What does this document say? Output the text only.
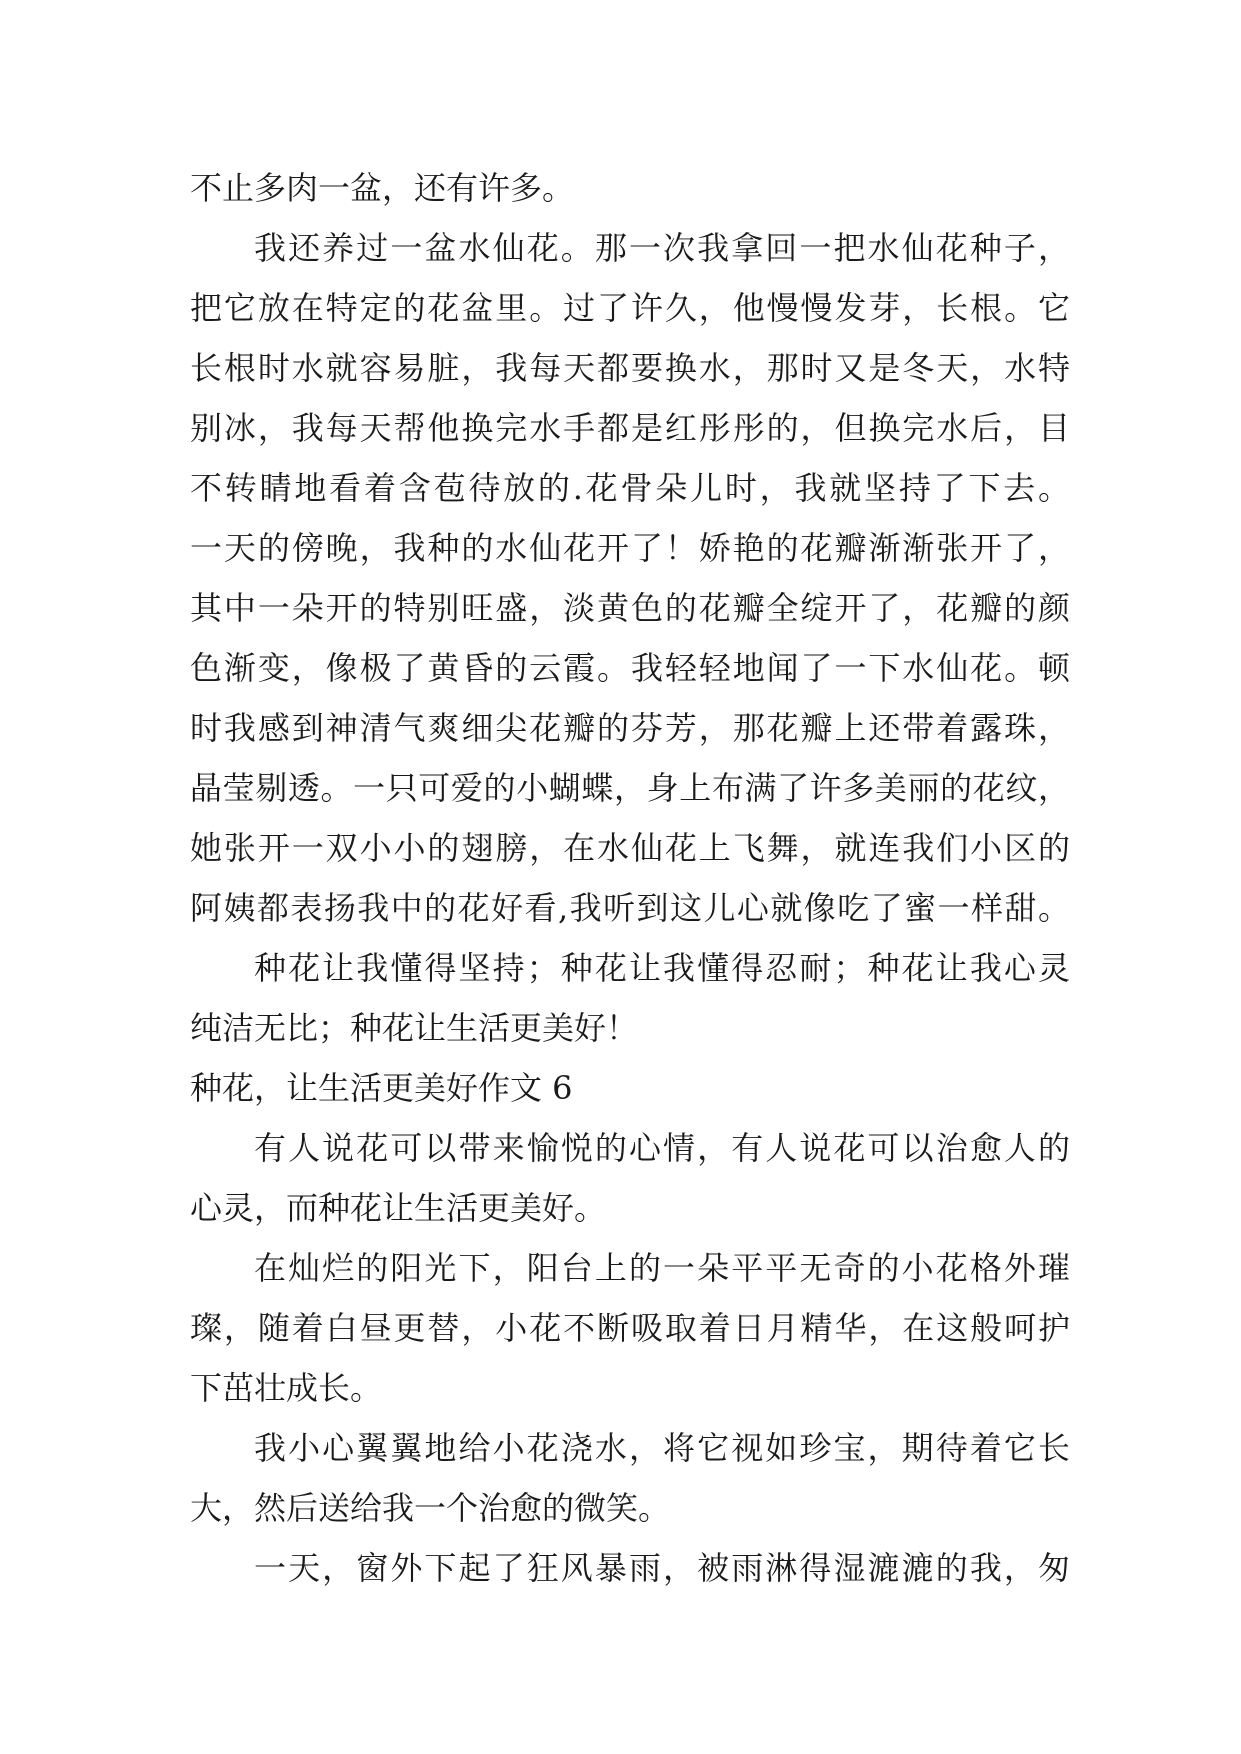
不止多肉一盆，还有许多。
我还养过一盆水仙花。那一次我拿回一把水仙花种子，
把它放在特定的花盆里。过了许久，他慢慢发芽，长根。它
长根时水就容易脏，我每天都要换水，那时又是冬天，水特
别冰，我每天帮他换完水手都是红彤彤的，但换完水后，目
不转睛地看着含苞待放的.花骨朵儿时，我就坚持了下去。
一天的傍晚，我种的水仙花开了！娇艳的花瓣渐渐张开了，
其中一朵开的特别旺盛，淡黄色的花瓣全绽开了，花瓣的颜
色渐变，像极了黄昏的云霞。我轻轻地闻了一下水仙花。顿
时我感到神清气爽细尖花瓣的芬芳，那花瓣上还带着露珠，
晶莹剔透。一只可爱的小蝴蝶，身上布满了许多美丽的花纹，
她张开一双小小的翅膀，在水仙花上飞舞，就连我们小区的
阿姨都表扬我中的花好看,我听到这儿心就像吃了蜜一样甜。
种花让我懂得坚持；种花让我懂得忍耐；种花让我心灵
纯洁无比；种花让生活更美好！
种花，让生活更美好作文 6
有人说花可以带来愉悦的心情，有人说花可以治愈人的
心灵，而种花让生活更美好。
在灿烂的阳光下，阳台上的一朵平平无奇的小花格外璀
璨，随着白昼更替，小花不断吸取着日月精华，在这般呵护
下茁壮成长。
我小心翼翼地给小花浇水，将它视如珍宝，期待着它长
大，然后送给我一个治愈的微笑。
一天，窗外下起了狂风暴雨，被雨淋得湿漉漉的我，匆
